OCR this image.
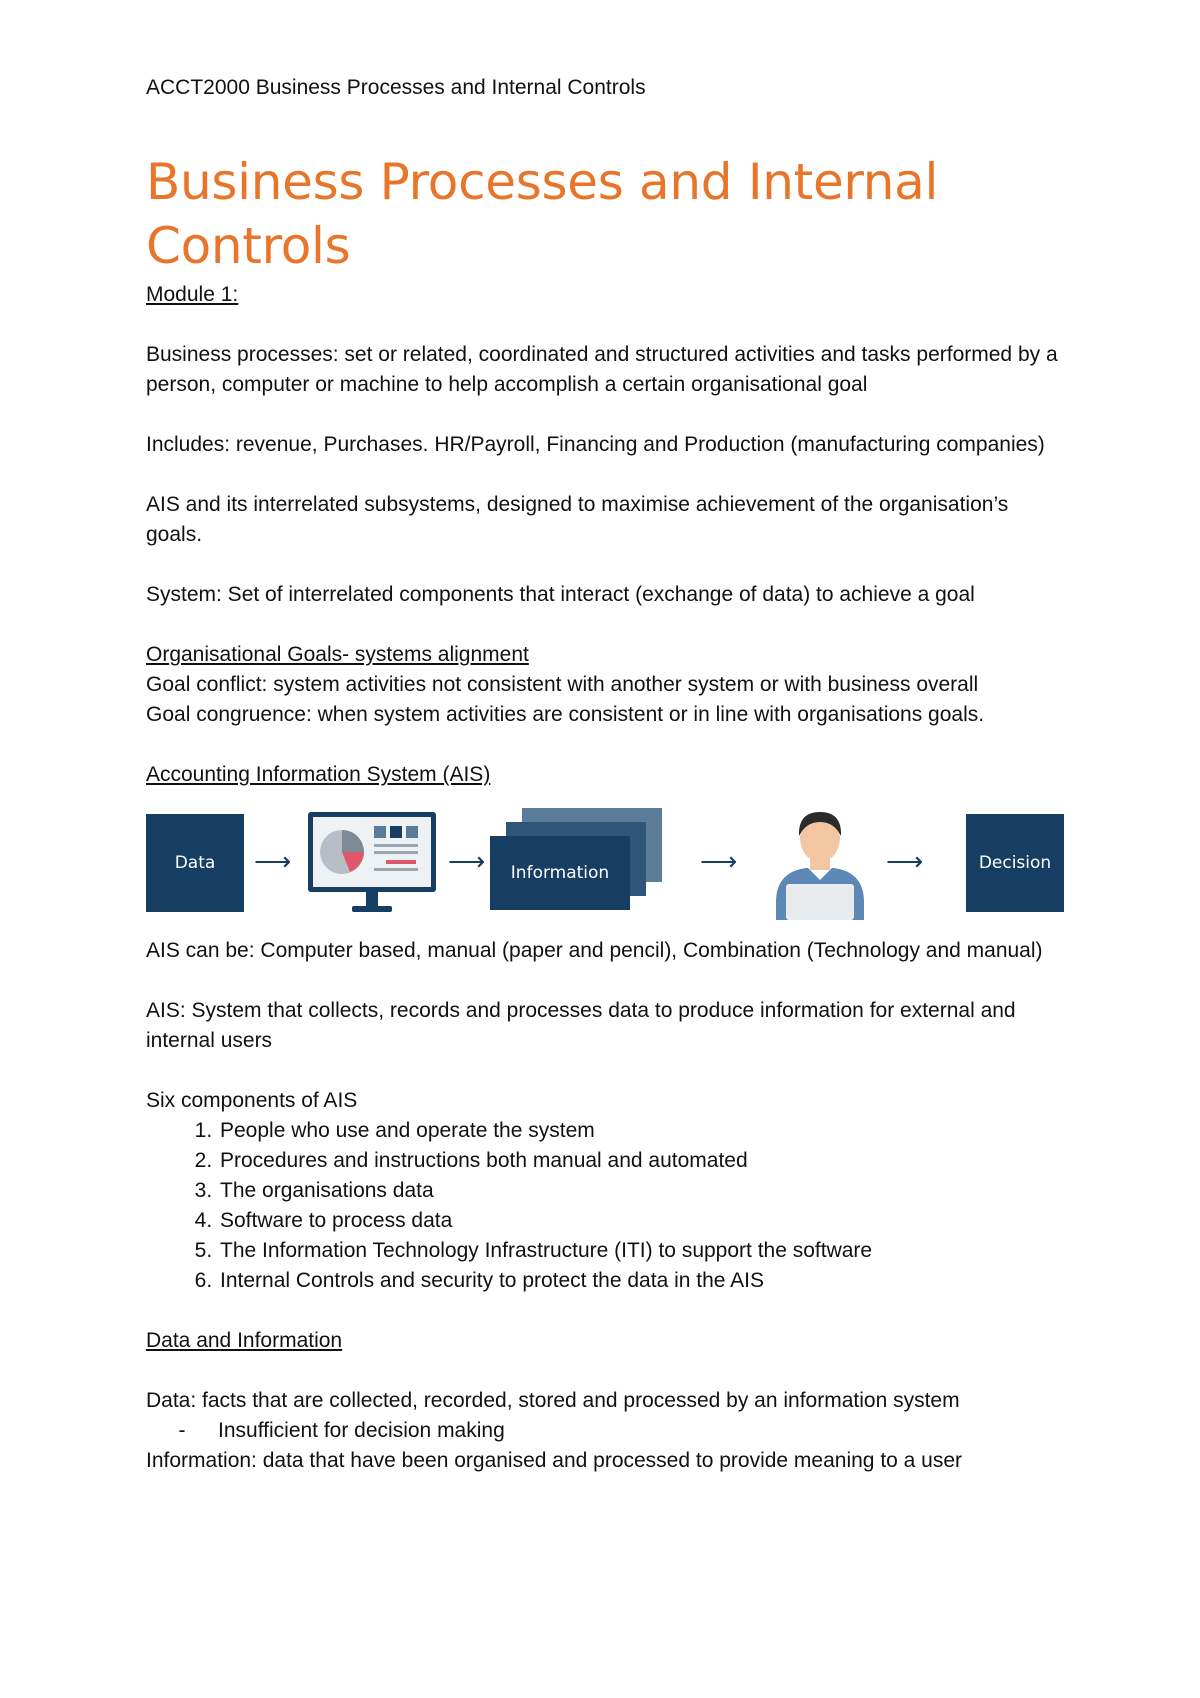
ACCT2000 Business Processes and Internal Controls

Business Processes and Internal Controls

Module 1:

Business processes: set or related, coordinated and structured activities and tasks performed by a person, computer or machine to help accomplish a certain organisational goal

Includes: revenue, Purchases. HR/Payroll, Financing and Production (manufacturing companies)

AIS and its interrelated subsystems, designed to maximise achievement of the organisation’s goals.

System: Set of interrelated components that interact (exchange of data) to achieve a goal

Organisational Goals- systems alignment

Goal conflict: system activities not consistent with another system or with business overall

Goal congruence: when system activities are consistent or in line with organisations goals.

Accounting Information System (AIS)

Data	⟶	⟶	Information	⟶	⟶	Decision

AIS can be: Computer based, manual (paper and pencil), Combination (Technology and manual)

AIS: System that collects, records and processes data to produce information for external and internal users

Six components of AIS

1. People who use and operate the system
2. Procedures and instructions both manual and automated
3. The organisations data
4. Software to process data
5. The Information Technology Infrastructure (ITI) to support the software
6. Internal Controls and security to protect the data in the AIS

Data and Information

Data: facts that are collected, recorded, stored and processed by an information system

-	Insufficient for decision making

Information: data that have been organised and processed to provide meaning to a user
